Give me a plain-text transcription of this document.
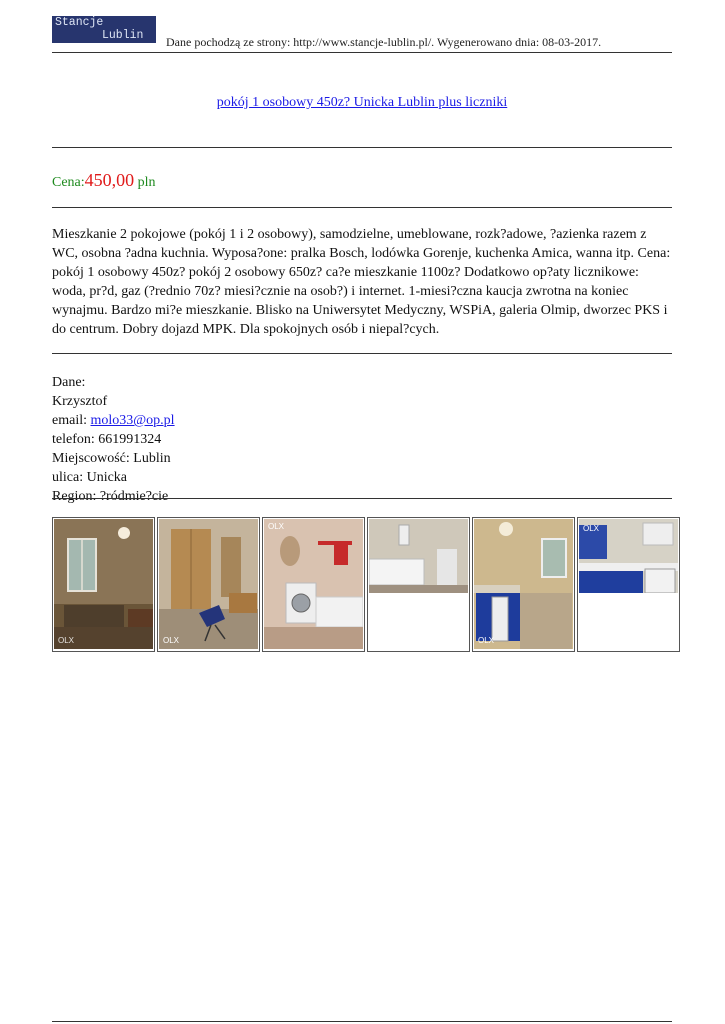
Stancje
Lublin Dane pochodzą ze strony: http://www.stancje-lublin.pl/. Wygenerowano dnia: 08-03-2017.
pokój 1 osobowy 450z? Unicka Lublin plus liczniki
Cena:450,00 pln
Mieszkanie 2 pokojowe (pokój 1 i 2 osobowy), samodzielne, umeblowane, rozk?adowe, ?azienka razem z WC, osobna ?adna kuchnia. Wyposa?one: pralka Bosch, lodówka Gorenje, kuchenka Amica, wanna itp. Cena: pokój 1 osobowy 450z? pokój 2 osobowy 650z? ca?e mieszkanie 1100z? Dodatkowo op?aty licznikowe: woda, pr?d, gaz (?rednio 70z? miesi?cznie na osob?) i internet. 1-miesi?czna kaucja zwrotna na koniec wynajmu. Bardzo mi?e mieszkanie. Blisko na Uniwersytet Medyczny, WSPiA, galeria Olmip, dworzec PKS i do centrum. Dobry dojazd MPK. Dla spokojnych osób i niepal?cych.
Dane:
Krzysztof
email: molo33@op.pl
telefon: 661991324
Miejscowość: Lublin
ulica: Unicka
Region: ?ródmie?cie
OLX	OLX
OLX
OLX
OLX
